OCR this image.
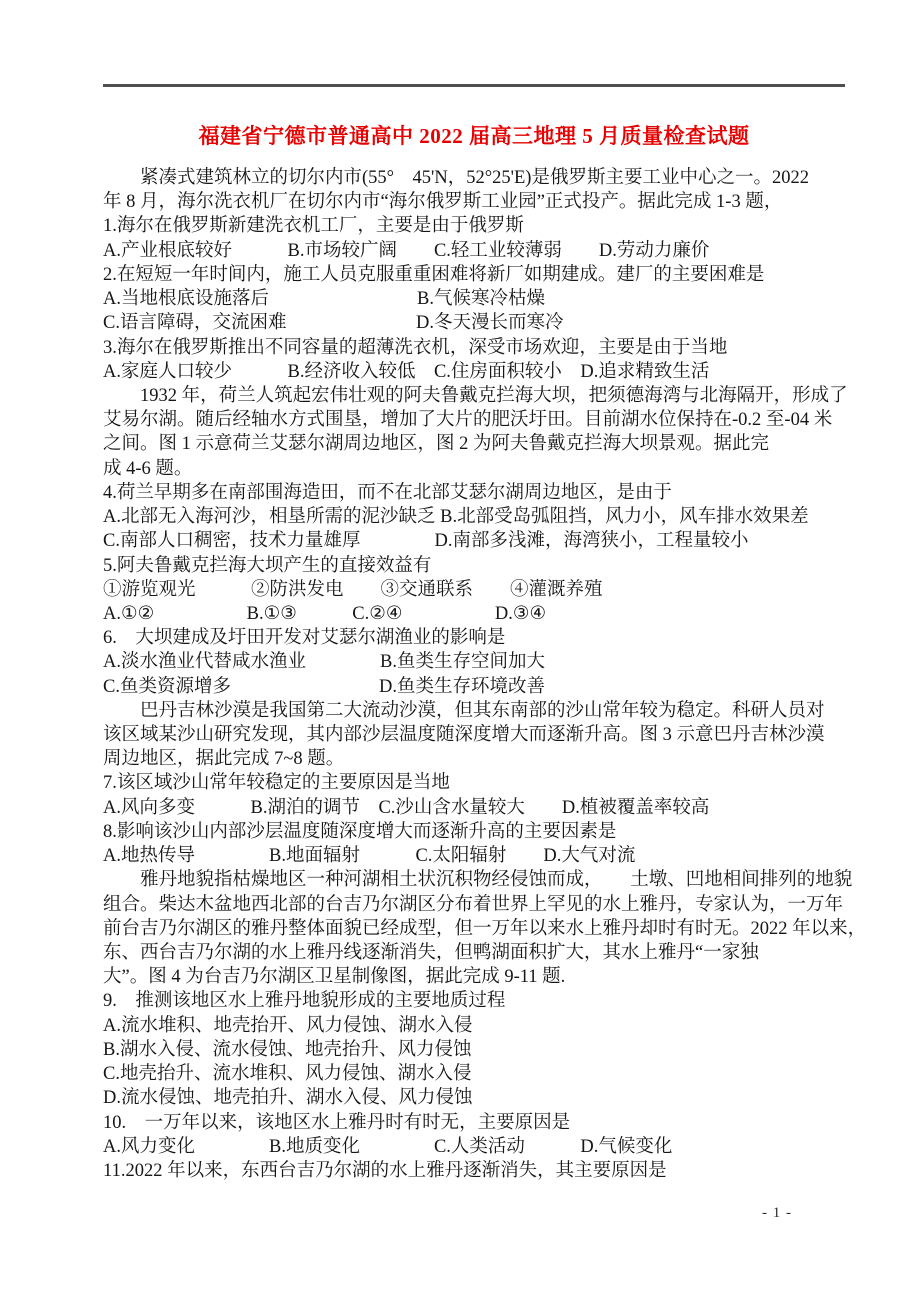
福建省宁德市普通高中 2022 届高三地理 5 月质量检查试题
　　紧凑式建筑林立的切尔内市(55°　45'N，52°25'E)是俄罗斯主要工业中心之一。2022
年 8 月，海尔洗衣机厂在切尔内市“海尔俄罗斯工业园”正式投产。据此完成 1-3 题，
1.海尔在俄罗斯新建洗衣机工厂，主要是由于俄罗斯
A.产业根底较好　　　B.市场较广阔　　C.轻工业较薄弱　　D.劳动力廉价
2.在短短一年时间内，施工人员克服重重困难将新厂如期建成。建厂的主要困难是
A.当地根底设施落后　　　　　　　　B.气候寒冷枯燥
C.语言障碍，交流困难　　　　　　　D.冬天漫长而寒冷
3.海尔在俄罗斯推出不同容量的超薄洗衣机，深受市场欢迎，主要是由于当地
A.家庭人口较少　　　B.经济收入较低　C.住房面积较小　D.追求精致生活
　　1932 年，荷兰人筑起宏伟壮观的阿夫鲁戴克拦海大坝，把须德海湾与北海隔开，形成了
艾易尔湖。随后经轴水方式围垦，增加了大片的肥沃圩田。目前湖水位保持在-0.2 至-04 米
之间。图 1 示意荷兰艾瑟尔湖周边地区，图 2 为阿夫鲁戴克拦海大坝景观。据此完
成 4-6 题。
4.荷兰早期多在南部围海造田，而不在北部艾瑟尔湖周边地区，是由于
A.北部无入海河沙，相垦所需的泥沙缺乏 B.北部受岛弧阻挡，风力小，风车排水效果差
C.南部人口稠密，技术力量雄厚　　　　D.南部多浅滩，海湾狭小，工程量较小
5.阿夫鲁戴克拦海大坝产生的直接效益有
①游览观光　　　②防洪发电　　③交通联系　　④灌溉养殖
A.①②　　　　　B.①③　　　C.②④　　　　　D.③④
6.　大坝建成及圩田开发对艾瑟尔湖渔业的影响是
A.淡水渔业代替咸水渔业　　　　B.鱼类生存空间加大
C.鱼类资源增多　　　　　　　　D.鱼类生存环境改善
　　巴丹吉林沙漠是我国第二大流动沙漠，但其东南部的沙山常年较为稳定。科研人员对
该区域某沙山研究发现，其内部沙层温度随深度增大而逐渐升高。图 3 示意巴丹吉林沙漠
周边地区，据此完成 7~8 题。
7.该区域沙山常年较稳定的主要原因是当地
A.风向多变　　　B.湖泊的调节　C.沙山含水量较大　　D.植被覆盖率较高
8.影响该沙山内部沙层温度随深度增大而逐渐升高的主要因素是
A.地热传导　　　　B.地面辐射　　　C.太阳辐射　　D.大气对流
　　雅丹地貌指枯燥地区一种河湖相土状沉积物经侵蚀而成，　　土墩、凹地相间排列的地貌
组合。柴达木盆地西北部的台吉乃尔湖区分布着世界上罕见的水上雅丹，专家认为，一万年
前台吉乃尔湖区的雅丹整体面貌已经成型，但一万年以来水上雅丹却时有时无。2022 年以来，
东、西台吉乃尔湖的水上雅丹线逐渐消失，但鸭湖面积扩大，其水上雅丹“一家独
大”。图 4 为台吉乃尔湖区卫星制像图，据此完成 9-11 题.
9.　推测该地区水上雅丹地貌形成的主要地质过程
A.流水堆积、地壳抬开、风力侵蚀、湖水入侵
B.湖水入侵、流水侵蚀、地壳抬升、风力侵蚀
C.地壳抬升、流水堆积、风力侵蚀、湖水入侵
D.流水侵蚀、地壳拍升、湖水入侵、风力侵蚀
10.　一万年以来，该地区水上雅丹时有时无，主要原因是
A.风力变化　　　　B.地质变化　　　　C.人类活动　　　D.气候变化
11.2022 年以来，东西台吉乃尔湖的水上雅丹逐渐消失，其主要原因是
- 1 -
